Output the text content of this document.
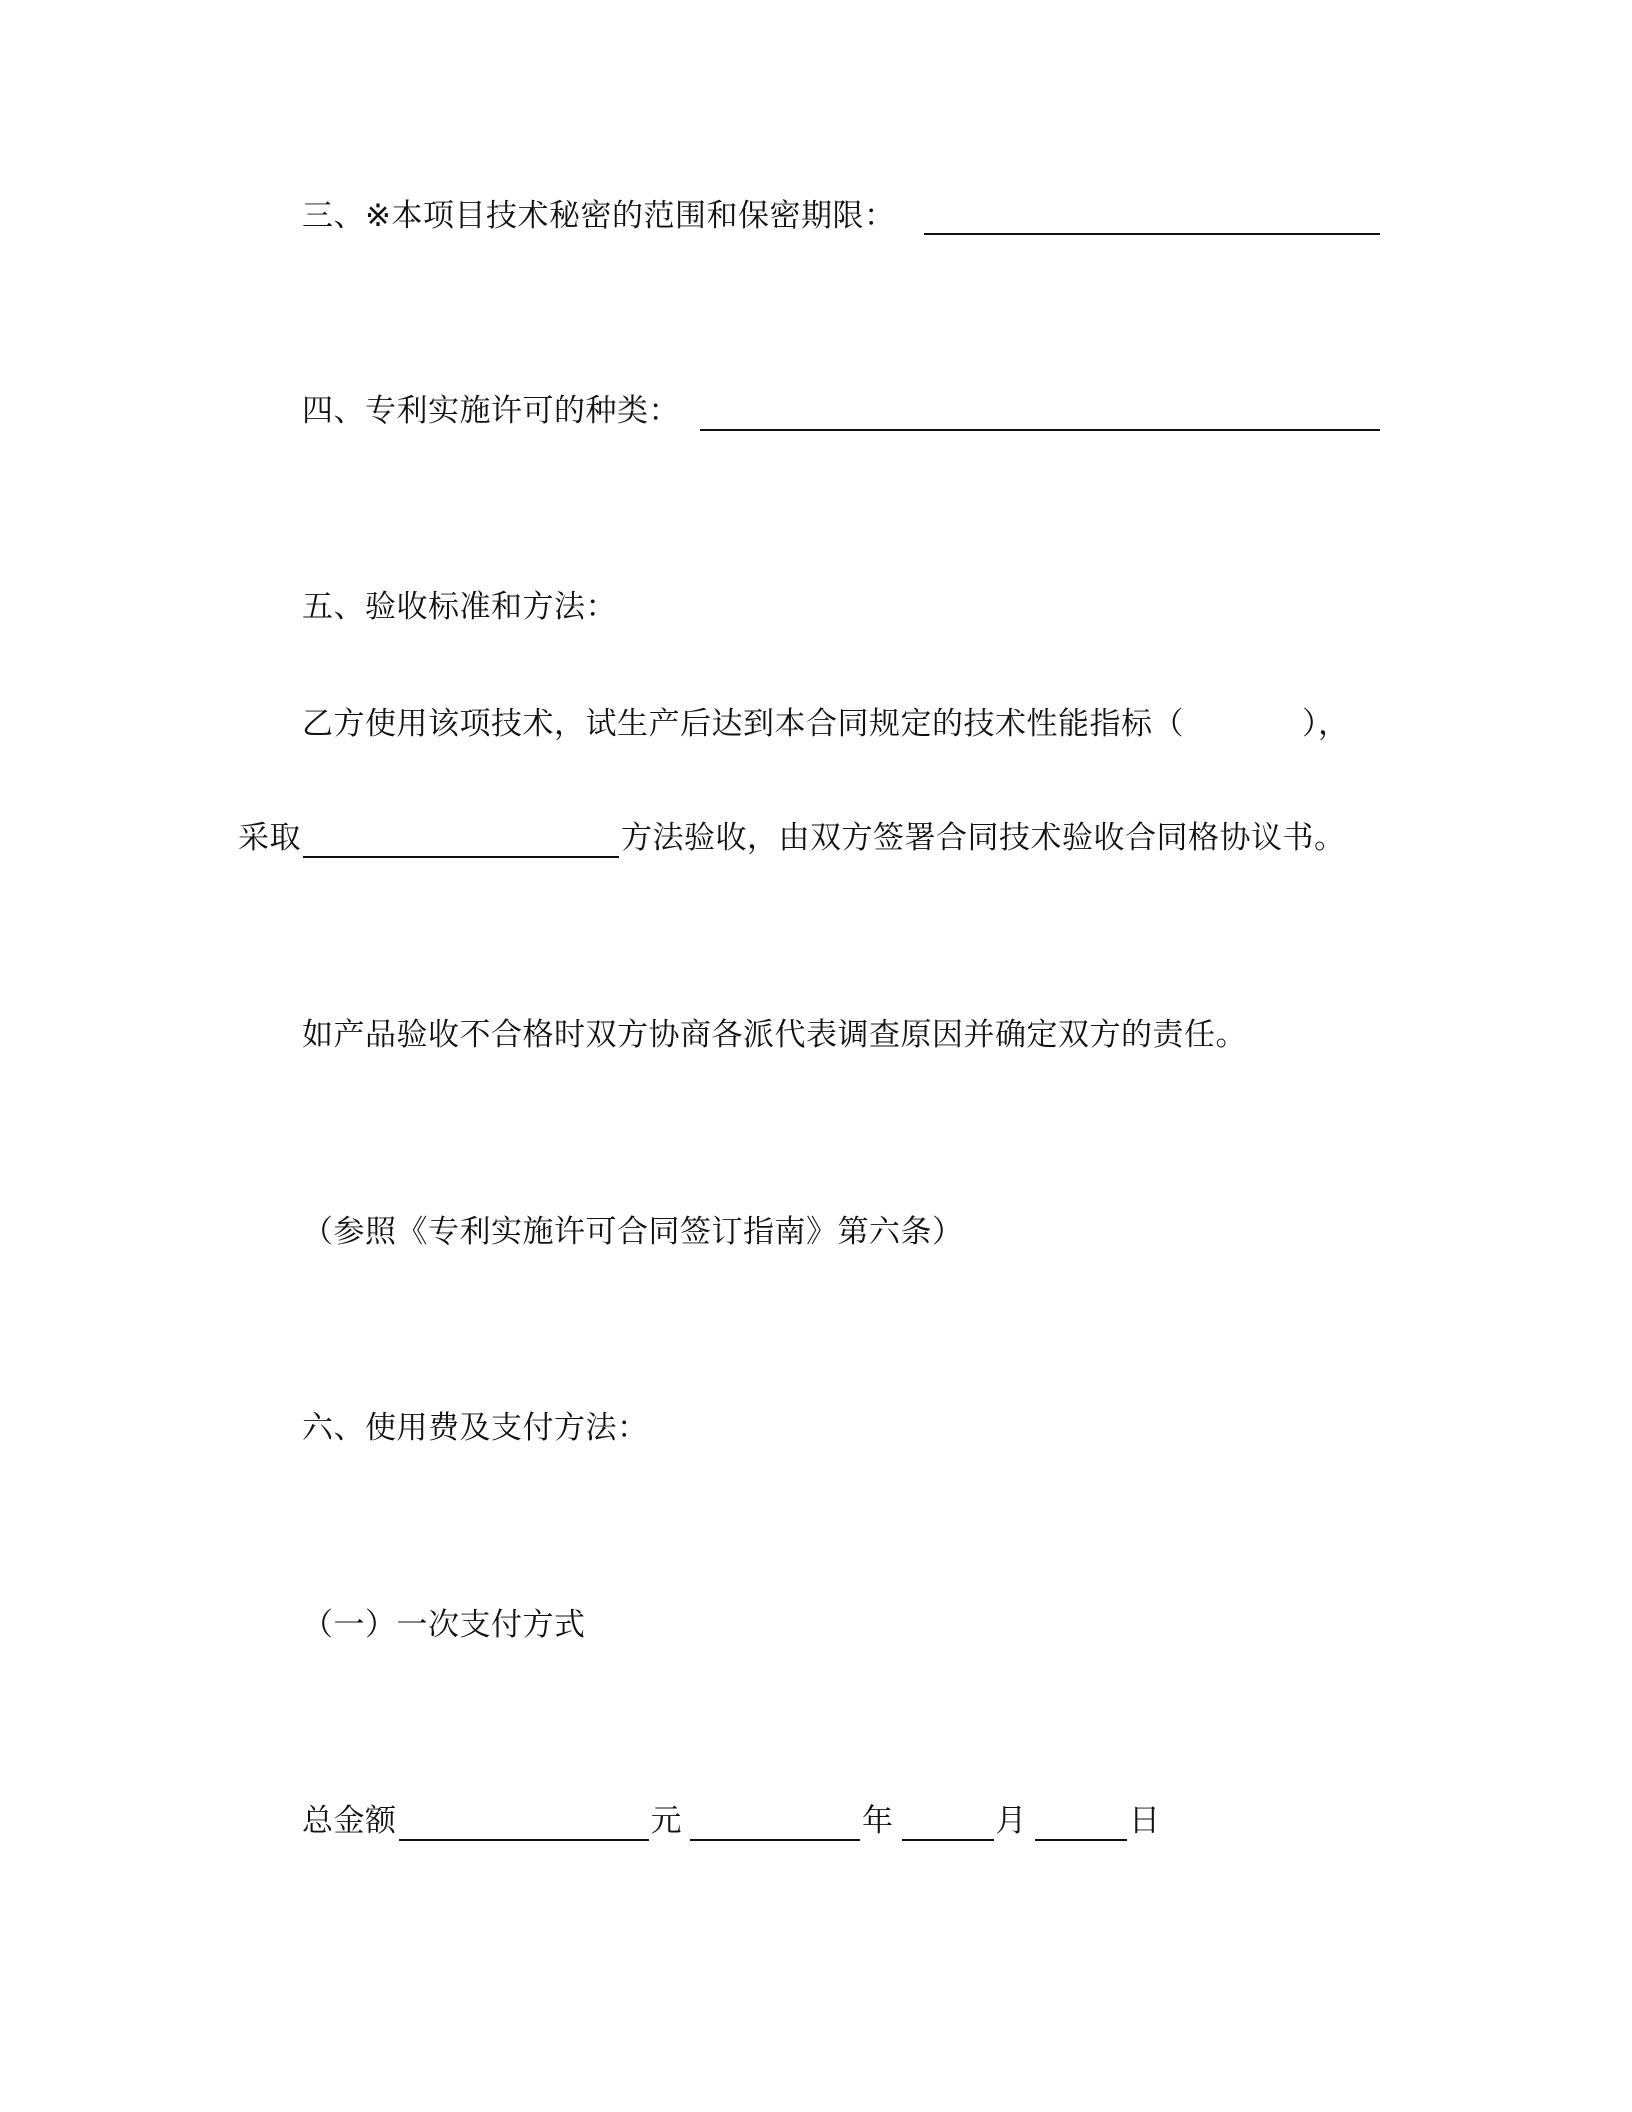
三、※本项目技术秘密的范围和保密期限：
四、专利实施许可的种类：
五、验收标准和方法：
乙方使用该项技术，试生产后达到本合同规定的技术性能指标（	），
采取	方法验收，由双方签署合同技术验收合同格协议书。
如产品验收不合格时双方协商各派代表调查原因并确定双方的责任。
（参照《专利实施许可合同签订指南》第六条）
六、使用费及支付方法：
（一）一次支付方式
总金额	元	年	月	日
